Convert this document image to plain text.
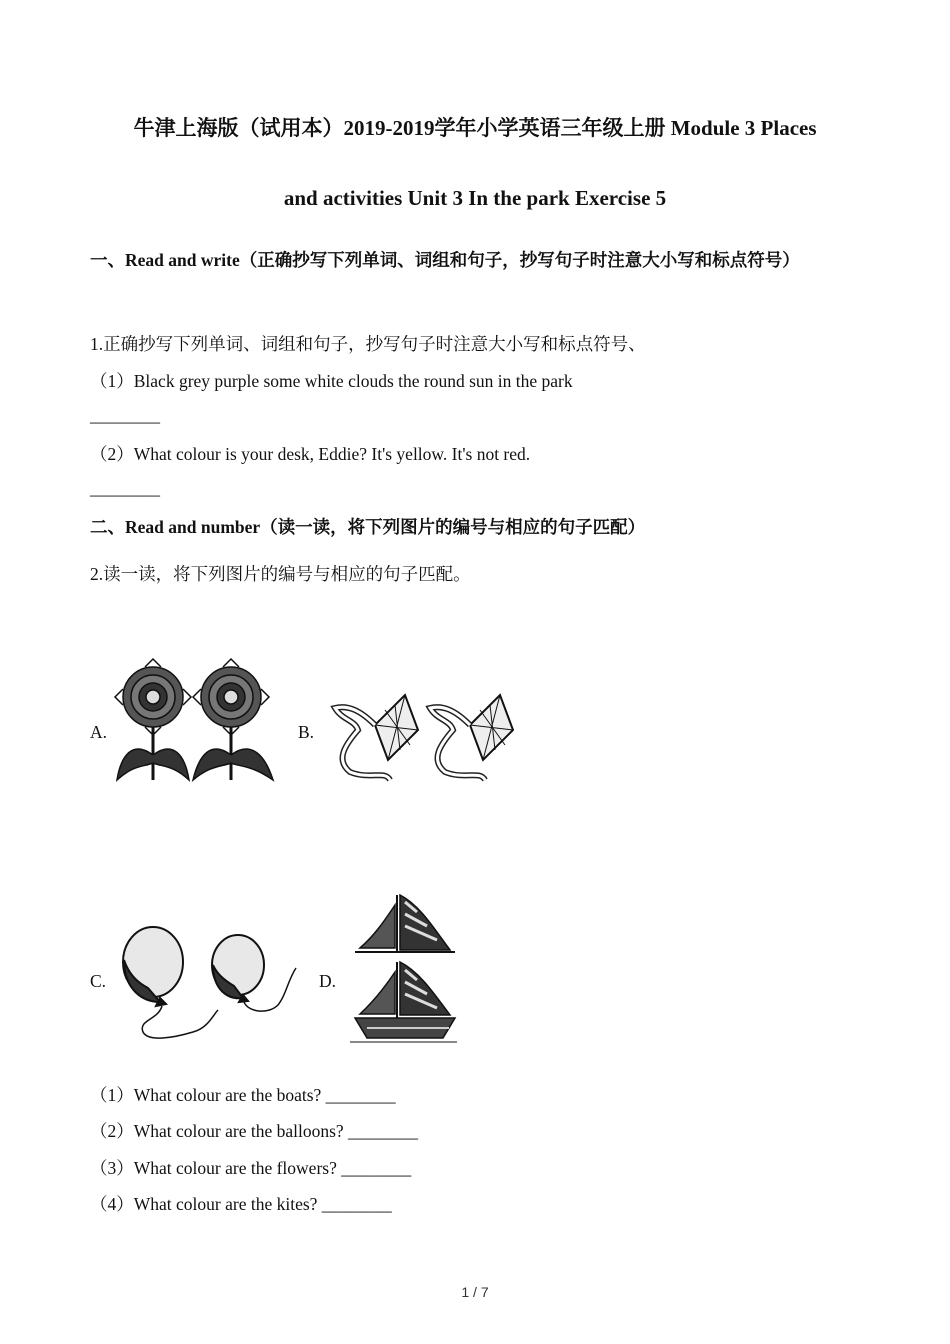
牛津上海版（试用本）2019-2019学年小学英语三年级上册 Module 3 Places
and activities Unit 3 In the park Exercise 5
一、Read and write（正确抄写下列单词、词组和句子，抄写句子时注意大小写和标点符号）
1.正确抄写下列单词、词组和句子，抄写句子时注意大小写和标点符号、
（1）Black grey purple some white clouds the round sun in the park
________
（2）What colour is your desk, Eddie? It's yellow. It's not red.
________
二、Read and number（读一读，将下列图片的编号与相应的句子匹配）
2.读一读，将下列图片的编号与相应的句子匹配。
A.	B.
C.	D.
（1）What colour are the boats? ________
（2）What colour are the balloons? ________
（3）What colour are the flowers? ________
（4）What colour are the kites? ________
1 / 7
